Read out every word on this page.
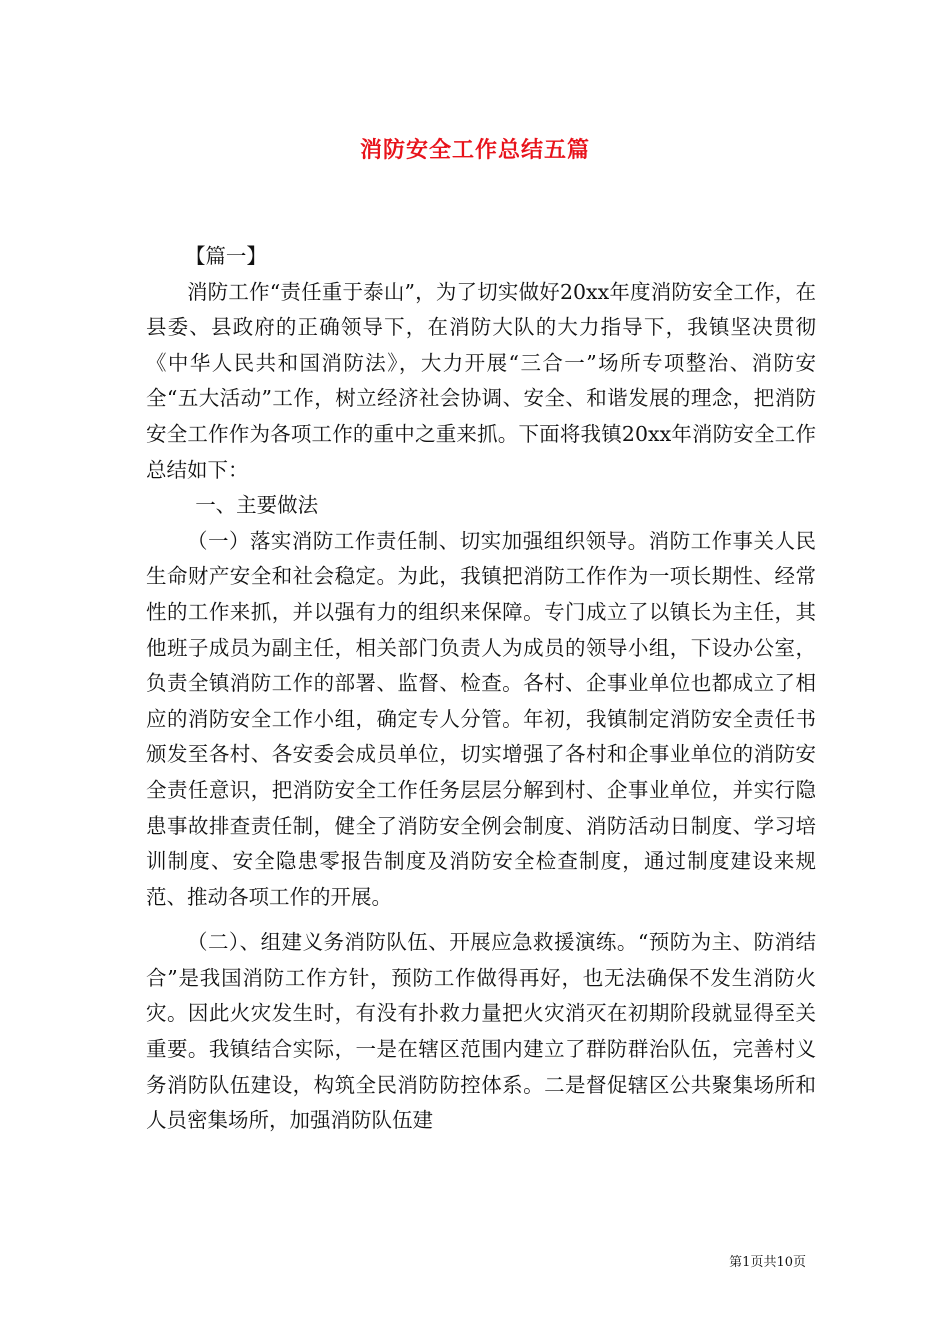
消防安全工作总结五篇

【篇一】

消防工作“责任重于泰山”，为了切实做好20xx年度消防安全工作，在县委、县政府的正确领导下，在消防大队的大力指导下，我镇坚决贯彻《中华人民共和国消防法》，大力开展“三合一”场所专项整治、消防安全“五大活动”工作，树立经济社会协调、安全、和谐发展的理念，把消防安全工作作为各项工作的重中之重来抓。下面将我镇20xx年消防安全工作总结如下：

一、主要做法

（一）落实消防工作责任制、切实加强组织领导。消防工作事关人民生命财产安全和社会稳定。为此，我镇把消防工作作为一项长期性、经常性的工作来抓，并以强有力的组织来保障。专门成立了以镇长为主任，其他班子成员为副主任，相关部门负责人为成员的领导小组，下设办公室，负责全镇消防工作的部署、监督、检查。各村、企事业单位也都成立了相应的消防安全工作小组，确定专人分管。年初，我镇制定消防安全责任书颁发至各村、各安委会成员单位，切实增强了各村和企事业单位的消防安全责任意识，把消防安全工作任务层层分解到村、企事业单位，并实行隐患事故排查责任制，健全了消防安全例会制度、消防活动日制度、学习培训制度、安全隐患零报告制度及消防安全检查制度，通过制度建设来规范、推动各项工作的开展。

（二）、组建义务消防队伍、开展应急救援演练。“预防为主、防消结合”是我国消防工作方针，预防工作做得再好，也无法确保不发生消防火灾。因此火灾发生时，有没有扑救力量把火灾消灭在初期阶段就显得至关重要。我镇结合实际，一是在辖区范围内建立了群防群治队伍，完善村义务消防队伍建设，构筑全民消防防控体系。二是督促辖区公共聚集场所和人员密集场所，加强消防队伍建

第1页共10页
